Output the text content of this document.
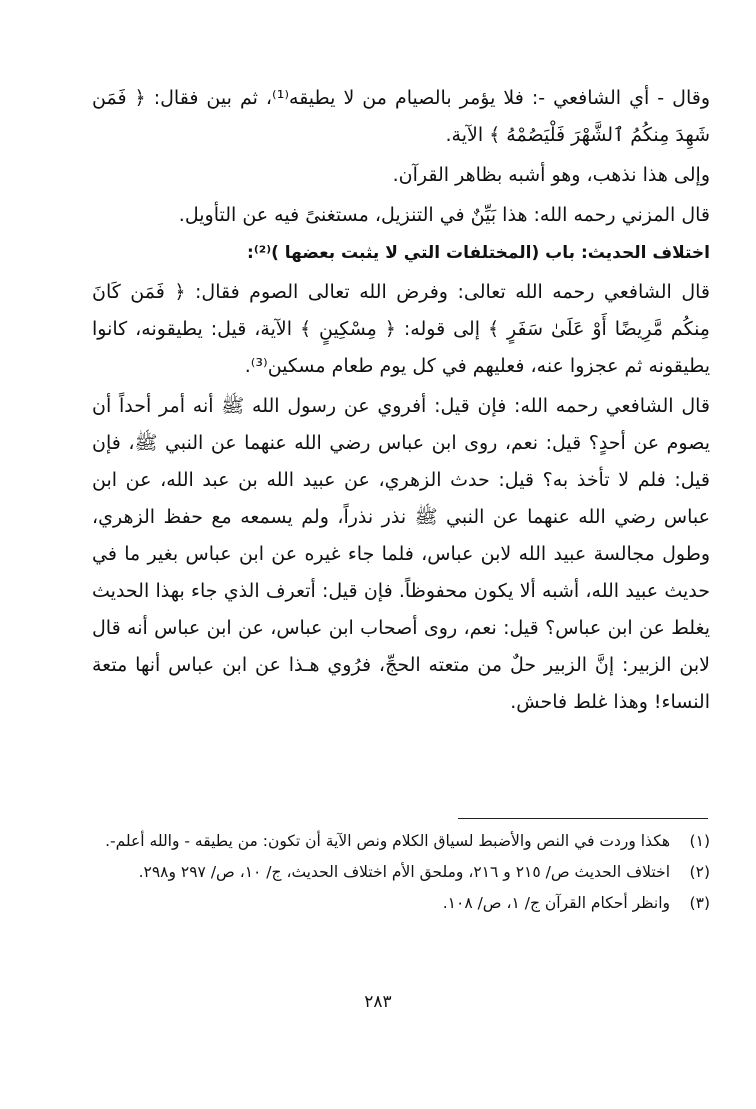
وقال - أي الشافعي -: فلا يؤمر بالصيام من لا يطيقه⁽¹⁾، ثم بين فقال: ﴿ فَمَن شَهِدَ مِنكُمُ ٱلشَّهْرَ فَلْيَصُمْهُ ﴾ الآية.

وإلى هذا نذهب، وهو أشبه بظاهر القرآن.

قال المزني رحمه الله: هذا بَيِّنٌ في التنزيل، مستغنىً فيه عن التأويل.

اختلاف الحديث: باب (المختلفات التي لا يثبت بعضها )⁽²⁾:

قال الشافعي رحمه الله تعالى: وفرض الله تعالى الصوم فقال: ﴿ فَمَن كَانَ مِنكُم مَّرِيضًا أَوْ عَلَىٰ سَفَرٍ ﴾ إلى قوله: ﴿ مِسْكِينٍ ﴾ الآية، قيل: يطيقونه، كانوا يطيقونه ثم عجزوا عنه، فعليهم في كل يوم طعام مسكين⁽³⁾.

قال الشافعي رحمه الله: فإن قيل: أفروي عن رسول الله ﷺ أنه أمر أحداً أن يصوم عن أحدٍ؟ قيل: نعم، روى ابن عباس رضي الله عنهما عن النبي ﷺ، فإن قيل: فلم لا تأخذ به؟ قيل: حدث الزهري، عن عبيد الله بن عبد الله، عن ابن عباس رضي الله عنهما عن النبي ﷺ نذر نذراً، ولم يسمعه مع حفظ الزهري، وطول مجالسة عبيد الله لابن عباس، فلما جاء غيره عن ابن عباس بغير ما في حديث عبيد الله، أشبه ألا يكون محفوظاً. فإن قيل: أتعرف الذي جاء بهذا الحديث يغلط عن ابن عباس؟ قيل: نعم، روى أصحاب ابن عباس، عن ابن عباس أنه قال لابن الزبير: إنَّ الزبير حلٌ من متعته الحجِّ، فرُوي هـذا عن ابن عباس أنها متعة النساء! وهذا غلط فاحش.

(١)
هكذا وردت في النص والأضبط لسياق الكلام ونص الآية أن تكون: من يطيقه - والله أعلم-.
(٢)
اختلاف الحديث ص/ ٢١٥ و ٢١٦، وملحق الأم اختلاف الحديث، ج/ ١٠، ص/ ٢٩٧ و٢٩٨.
(٣)
وانظر أحكام القرآن ج/ ١، ص/ ١٠٨.
٢٨٣
